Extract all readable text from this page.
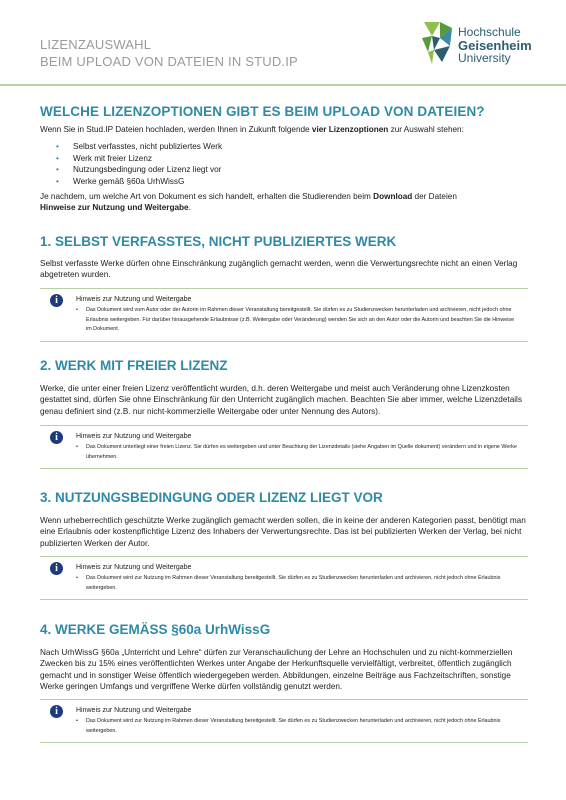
LIZENZAUSWAHL
BEIM UPLOAD VON DATEIEN IN STUD.IP
Hochschule
Geisenheim
University
WELCHE LIZENZOPTIONEN GIBT ES BEIM UPLOAD VON DATEIEN?
Wenn Sie in Stud.IP Dateien hochladen, werden Ihnen in Zukunft folgende vier Lizenzoptionen zur Auswahl stehen:
• Selbst verfasstes, nicht publiziertes Werk
• Werk mit freier Lizenz
• Nutzungsbedingung oder Lizenz liegt vor
• Werke gemäß §60a UrhWissG
Je nachdem, um welche Art von Dokument es sich handelt, erhalten die Studierenden beim Download der Dateien
Hinweise zur Nutzung und Weitergabe.
1. SELBST VERFASSTES, NICHT PUBLIZIERTES WERK
Selbst verfasste Werke dürfen ohne Einschränkung zugänglich gemacht werden, wenn die Verwertungsrechte nicht an einen Verlag abgetreten wurden.
i	Hinweis zur Nutzung und Weitergabe
• Das Dokument wird vom Autor oder der Autorin im Rahmen dieser Veranstaltung bereitgestellt. Sie dürfen es zu Studienzwecken herunterladen und archivieren, nicht jedoch ohne Erlaubnis weitergeben. Für darüber hinausgehende Erlaubnisse (z.B. Weitergabe oder Veränderung) wenden Sie sich an den Autor oder die Autorin und beachten Sie die Hinweise im Dokument.
2. WERK MIT FREIER LIZENZ
Werke, die unter einer freien Lizenz veröffentlicht wurden, d.h. deren Weitergabe und meist auch Veränderung ohne Lizenzkosten gestattet sind, dürfen Sie ohne Einschränkung für den Unterricht zugänglich machen. Beachten Sie aber immer, welche Lizenzdetails genau definiert sind (z.B. nur nicht-kommerzielle Weitergabe oder unter Nennung des Autors).
i	Hinweis zur Nutzung und Weitergabe
• Das Dokument unterliegt einer freien Lizenz. Sie dürfen es weitergeben und unter Beachtung der Lizenzdetails (siehe Angaben im Quelle dokument) verändern und in eigene Werke übernehmen.
3. NUTZUNGSBEDINGUNG ODER LIZENZ LIEGT VOR
Wenn urheberrechtlich geschützte Werke zugänglich gemacht werden sollen, die in keine der anderen Kategorien passt, benötigt man eine Erlaubnis oder kostenpflichtige Lizenz des Inhabers der Verwertungsrechte. Das ist bei publizierten Werken der Verlag, bei nicht publizierten Werken der Autor.
i	Hinweis zur Nutzung und Weitergabe
• Das Dokument wird zur Nutzung im Rahmen dieser Veranstaltung bereitgestellt. Sie dürfen es zu Studienzwecken herunterladen und archivieren, nicht jedoch ohne Erlaubnis weitergeben.
4. WERKE GEMÄSS §60a UrhWissG
Nach UrhWissG §60a „Unterricht und Lehre“ dürfen zur Veranschaulichung der Lehre an Hochschulen und zu nicht-kommerziellen Zwecken bis zu 15% eines veröffentlichten Werkes unter Angabe der Herkunftsquelle vervielfältigt, verbreitet, öffentlich zugänglich gemacht und in sonstiger Weise öffentlich wiedergegeben werden. Abbildungen, einzelne Beiträge aus Fachzeitschriften, sonstige Werke geringen Umfangs und vergriffene Werke dürfen vollständig genutzt werden.
i	Hinweis zur Nutzung und Weitergabe
• Das Dokument wird zur Nutzung im Rahmen dieser Veranstaltung bereitgestellt. Sie dürfen es zu Studienzwecken herunterladen und archivieren, nicht jedoch ohne Erlaubnis weitergeben.
